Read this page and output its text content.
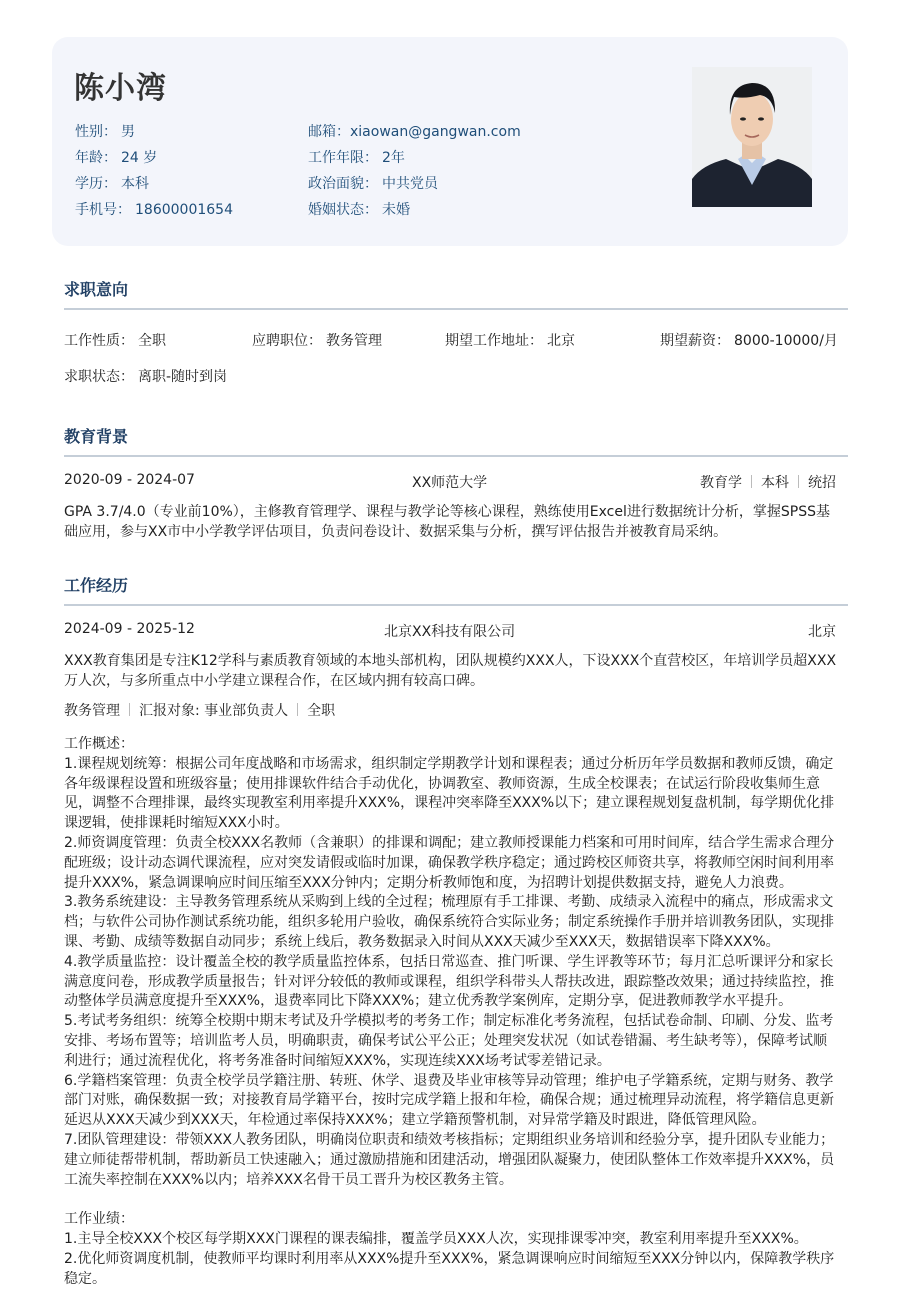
陈小湾
性别： 男
年龄： 24 岁
学历： 本科
手机号： 18600001654
邮箱：xiaowan@gangwan.com
工作年限： 2年
政治面貌： 中共党员
婚姻状态： 未婚
求职意向
工作性质： 全职	应聘职位： 教务管理	期望工作地址： 北京	期望薪资： 8000-10000/月
求职状态： 离职-随时到岗
教育背景
2020-09 - 2024-07	XX师范大学	教育学 本科 统招
GPA 3.7/4.0（专业前10%），主修教育管理学、课程与教学论等核心课程，熟练使用Excel进行数据统计分析，掌握SPSS基础应用，参与XX市中小学教学评估项目，负责问卷设计、数据采集与分析，撰写评估报告并被教育局采纳。
工作经历
2024-09 - 2025-12	北京XX科技有限公司	北京
XXX教育集团是专注K12学科与素质教育领域的本地头部机构，团队规模约XXX人，下设XXX个直营校区，年培训学员超XXX万人次，与多所重点中小学建立课程合作，在区域内拥有较高口碑。
教务管理 汇报对象: 事业部负责人 全职

工作概述：

1.课程规划统筹：根据公司年度战略和市场需求，组织制定学期教学计划和课程表；通过分析历年学员数据和教师反馈，确定各年级课程设置和班级容量；使用排课软件结合手动优化，协调教室、教师资源，生成全校课表；在试运行阶段收集师生意见，调整不合理排课，最终实现教室利用率提升XXX%，课程冲突率降至XXX%以下；建立课程规划复盘机制，每学期优化排课逻辑，使排课耗时缩短XXX小时。

2.师资调度管理：负责全校XXX名教师（含兼职）的排课和调配；建立教师授课能力档案和可用时间库，结合学生需求合理分配班级；设计动态调代课流程，应对突发请假或临时加课，确保教学秩序稳定；通过跨校区师资共享，将教师空闲时间利用率提升XXX%，紧急调课响应时间压缩至XXX分钟内；定期分析教师饱和度，为招聘计划提供数据支持，避免人力浪费。

3.教务系统建设：主导教务管理系统从采购到上线的全过程；梳理原有手工排课、考勤、成绩录入流程中的痛点，形成需求文档；与软件公司协作测试系统功能，组织多轮用户验收，确保系统符合实际业务；制定系统操作手册并培训教务团队，实现排课、考勤、成绩等数据自动同步；系统上线后，教务数据录入时间从XXX天减少至XXX天，数据错误率下降XXX%。

4.教学质量监控：设计覆盖全校的教学质量监控体系，包括日常巡查、推门听课、学生评教等环节；每月汇总听课评分和家长满意度问卷，形成教学质量报告；针对评分较低的教师或课程，组织学科带头人帮扶改进，跟踪整改效果；通过持续监控，推动整体学员满意度提升至XXX%，退费率同比下降XXX%；建立优秀教学案例库，定期分享，促进教师教学水平提升。

5.考试考务组织：统筹全校期中期末考试及升学模拟考的考务工作；制定标准化考务流程，包括试卷命制、印刷、分发、监考安排、考场布置等；培训监考人员，明确职责，确保考试公平公正；处理突发状况（如试卷错漏、考生缺考等），保障考试顺利进行；通过流程优化，将考务准备时间缩短XXX%，实现连续XXX场考试零差错记录。

6.学籍档案管理：负责全校学员学籍注册、转班、休学、退费及毕业审核等异动管理；维护电子学籍系统，定期与财务、教学部门对账，确保数据一致；对接教育局学籍平台，按时完成学籍上报和年检，确保合规；通过梳理异动流程，将学籍信息更新延迟从XXX天减少到XXX天，年检通过率保持XXX%；建立学籍预警机制，对异常学籍及时跟进，降低管理风险。

7.团队管理建设：带领XXX人教务团队，明确岗位职责和绩效考核指标；定期组织业务培训和经验分享，提升团队专业能力；建立师徒帮带机制，帮助新员工快速融入；通过激励措施和团建活动，增强团队凝聚力，使团队整体工作效率提升XXX%，员工流失率控制在XXX%以内；培养XXX名骨干员工晋升为校区教务主管。

工作业绩：

1.主导全校XXX个校区每学期XXX门课程的课表编排，覆盖学员XXX人次，实现排课零冲突，教室利用率提升至XXX%。

2.优化师资调度机制，使教师平均课时利用率从XXX%提升至XXX%，紧急调课响应时间缩短至XXX分钟以内，保障教学秩序稳定。
